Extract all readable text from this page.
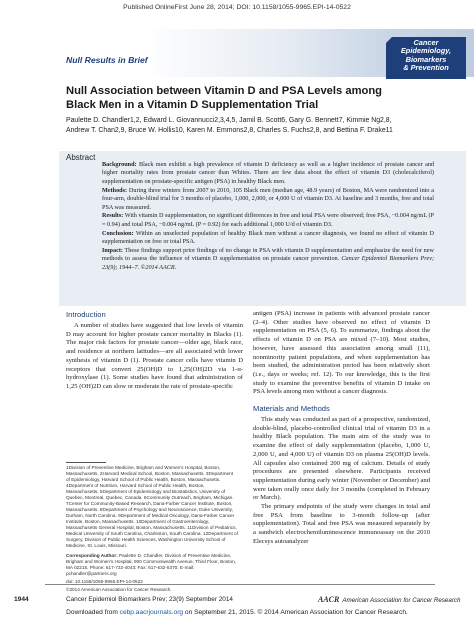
Published OnlineFirst June 28, 2014; DOI: 10.1158/1055-9965.EPI-14-0522
Null Results in Brief
Cancer
Epidemiology,
Biomarkers
& Prevention
Null Association between Vitamin D and PSA Levels among Black Men in a Vitamin D Supplementation Trial
Paulette D. Chandler1,2, Edward L. Giovannucci2,3,4,5, Jamil B. Scott6, Gary G. Bennett7, Kimmie Ng2,8, Andrew T. Chan2,9, Bruce W. Hollis10, Karen M. Emmons2,8, Charles S. Fuchs2,8, and Bettina F. Drake11
Abstract

Background: Black men exhibit a high prevalence of vitamin D deficiency as well as a higher incidence of prostate cancer and higher mortality rates from prostate cancer than Whites. There are few data about the effect of vitamin D3 (cholecalciferol) supplementation on prostate-specific antigen (PSA) in healthy Black men.

Methods: During three winters from 2007 to 2010, 105 Black men (median age, 48.9 years) of Boston, MA were randomized into a four-arm, double-blind trial for 3 months of placebo, 1,000, 2,000, or 4,000 U of vitamin D3. At baseline and 3 months, free and total PSA was measured.

Results: With vitamin D supplementation, no significant differences in free and total PSA were observed; free PSA, −0.004 ng/mL (P = 0.94) and total PSA, −0.004 ng/mL (P = 0.92) for each additional 1,000 U/d of vitamin D3.

Conclusion: Within an unselected population of healthy Black men without a cancer diagnosis, we found no effect of vitamin D supplementation on free or total PSA.

Impact: These findings support prior findings of no change in PSA with vitamin D supplementation and emphasize the need for new methods to assess the influence of vitamin D supplementation on prostate cancer prevention. Cancer Epidemiol Biomarkers Prev; 23(9); 1944–7. ©2014 AACR.

Introduction

A number of studies have suggested that low levels of vitamin D may account for higher prostate cancer mortality in Blacks (1). The major risk factors for prostate cancer—older age, black race, and residence at northern latitudes—are all associated with lower synthesis of vitamin D (1). Prostate cancer cells have vitamin D receptors that convert 25(OH)D to 1,25(OH)2D via 1-α-hydroxylase (1). Some studies have found that administration of 1,25 (OH)2D can slow or moderate the rate of prostate-specific

1Division of Preventive Medicine, Brigham and Women's Hospital, Boston, Massachusetts. 2Harvard Medical School, Boston, Massachusetts. 3Department of Epidemiology, Harvard School of Public Health, Boston, Massachusetts. 4Department of Nutrition, Harvard School of Public Health, Boston, Massachusetts. 5Department of Epidemiology and Biostatistics, University of Quebec, Montreal, Quebec, Canada. 6Community Outreach, Brigham, Michigan. 7Center for Community-Based Research, Dana-Farber Cancer Institute, Boston, Massachusetts. 8Department of Psychology and Neuroscience, Duke University, Durham, North Carolina. 9Department of Medical Oncology, Dana-Farber Cancer Institute, Boston, Massachusetts. 10Department of Gastroenterology, Massachusetts General Hospital, Boston, Massachusetts. 11Division of Pediatrics, Medical University of South Carolina, Charleston, South Carolina. 12Department of Surgery, Division of Public Health Sciences, Washington University School of Medicine, St. Louis, Missouri.
Corresponding Author: Paulette D. Chandler, Division of Preventive Medicine, Brigham and Women's Hospital, 900 Commonwealth Avenue, Third Floor, Boston, MA 02215. Phone: 617-732-4043; Fax: 617-632-5370; E-mail: pchandler@partners.org
doi: 10.1158/1055-9965.EPI-14-0522
©2014 American Association for Cancer Research.

antigen (PSA) increase in patients with advanced prostate cancer (2–4). Other studies have observed no effect of vitamin D supplementation on PSA (5, 6). To summarize, findings about the effects of vitamin D on PSA are mixed (7–10). Most studies, however, have assessed this association among small (11), nonminority patient populations, and when supplementation has been studied, the administration period has been relatively short (i.e., days or weeks; ref. 12). To our knowledge, this is the first study to examine the preventive benefits of vitamin D intake on PSA levels among men without a cancer diagnosis.

Materials and Methods

This study was conducted as part of a prospective, randomized, double-blind, placebo-controlled clinical trial of vitamin D3 in a healthy Black population. The main aim of the study was to examine the effect of daily supplementation (placebo, 1,000 U, 2,000 U, and 4,000 U) of vitamin D3 on plasma 25(OH)D levels. All capsules also contained 200 mg of calcium. Details of study procedures are presented elsewhere. Participants received supplementation during early winter (November or December) and were taken orally once daily for 3 months (completed in February or March).

The primary endpoints of the study were changes in total and free PSA from baseline to 3-month follow-up (after supplementation). Total and free PSA was measured separately by a sandwich electrochemiluminescence immunoassay on the 2010 Elecsys autoanalyzer

1944	Cancer Epidemiol Biomarkers Prev; 23(9) September 2014	AACR American Association for Cancer Research
Downloaded from cebp.aacrjournals.org on September 21, 2015. © 2014 American Association for Cancer Research.
